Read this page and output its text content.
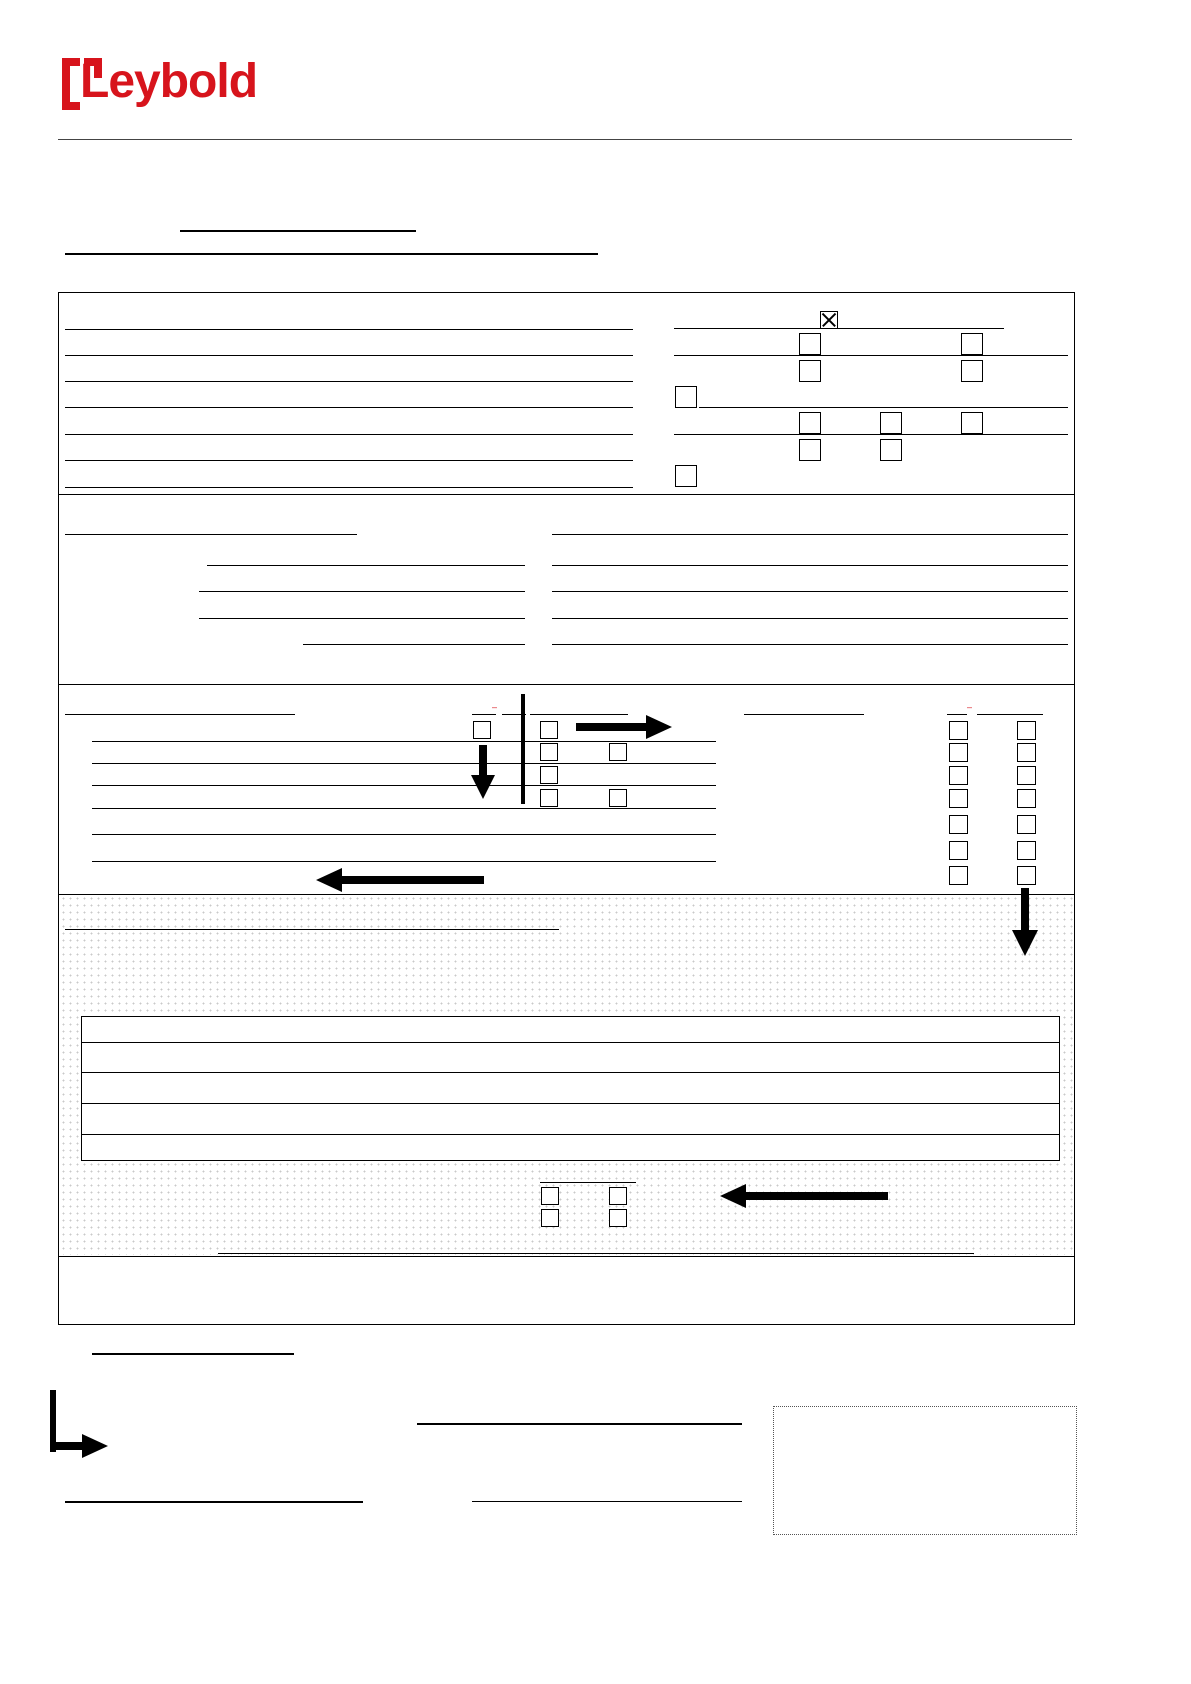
Leybold
–	–
